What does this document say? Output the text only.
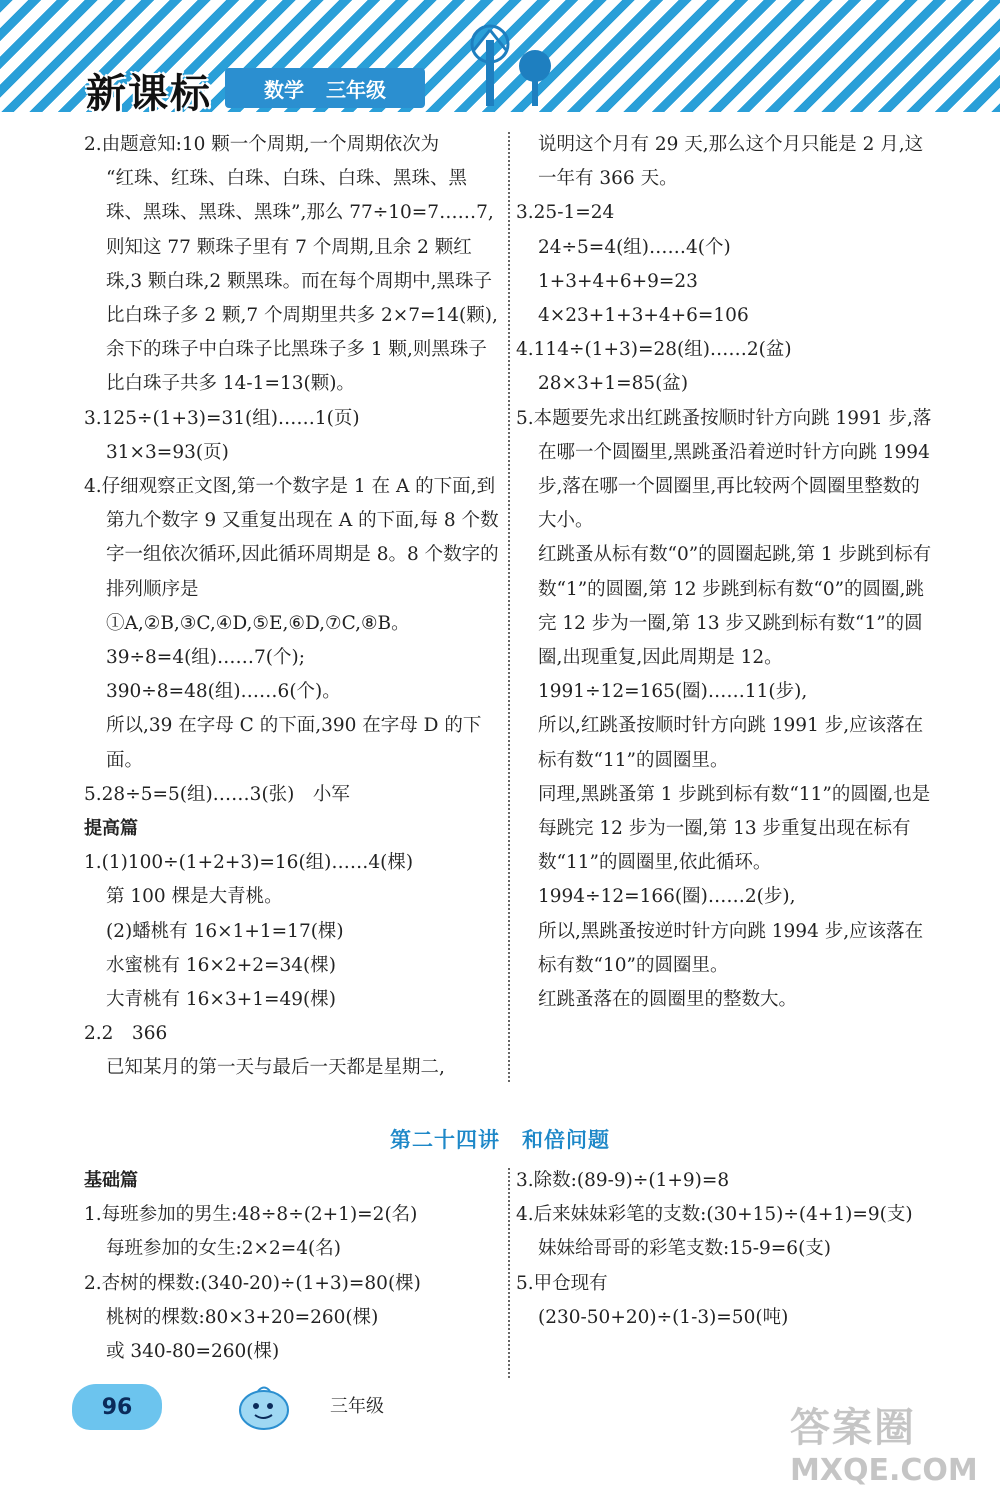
新课标	数学 三年级

2.由题意知:10 颗一个周期,一个周期依次为

“红珠、红珠、白珠、白珠、白珠、黑珠、黑珠、黑珠、黑珠、黑珠”,那么 77÷10=7……7,则知这 77 颗珠子里有 7 个周期,且余 2 颗红珠,3 颗白珠,2 颗黑珠。而在每个周期中,黑珠子比白珠子多 2 颗,7 个周期里共多 2×7=14(颗),余下的珠子中白珠子比黑珠子多 1 颗,则黑珠子比白珠子共多 14-1=13(颗)。

3.125÷(1+3)=31(组)……1(页)

31×3=93(页)

4.仔细观察正文图,第一个数字是 1 在 A 的下面,到第九个数字 9 又重复出现在 A 的下面,每 8 个数字一组依次循环,因此循环周期是 8。8 个数字的排列顺序是①A,②B,③C,④D,⑤E,⑥D,⑦C,⑧B。

39÷8=4(组)……7(个);

390÷8=48(组)……6(个)。

所以,39 在字母 C 的下面,390 在字母 D 的下面。

5.28÷5=5(组)……3(张)　小军

提高篇

1.(1)100÷(1+2+3)=16(组)……4(棵)

第 100 棵是大青桃。

(2)蟠桃有 16×1+1=17(棵)

水蜜桃有 16×2+2=34(棵)

大青桃有 16×3+1=49(棵)

2.2　366

已知某月的第一天与最后一天都是星期二,

说明这个月有 29 天,那么这个月只能是 2 月,这一年有 366 天。

3.25-1=24

24÷5=4(组)……4(个)

1+3+4+6+9=23

4×23+1+3+4+6=106

4.114÷(1+3)=28(组)……2(盆)

28×3+1=85(盆)

5.本题要先求出红跳蚤按顺时针方向跳 1991 步,落在哪一个圆圈里,黑跳蚤沿着逆时针方向跳 1994 步,落在哪一个圆圈里,再比较两个圆圈里整数的大小。

红跳蚤从标有数“0”的圆圈起跳,第 1 步跳到标有数“1”的圆圈,第 12 步跳到标有数“0”的圆圈,跳完 12 步为一圈,第 13 步又跳到标有数“1”的圆圈,出现重复,因此周期是 12。

1991÷12=165(圈)……11(步),

所以,红跳蚤按顺时针方向跳 1991 步,应该落在标有数“11”的圆圈里。

同理,黑跳蚤第 1 步跳到标有数“11”的圆圈,也是每跳完 12 步为一圈,第 13 步重复出现在标有数“11”的圆圈里,依此循环。

1994÷12=166(圈)……2(步),

所以,黑跳蚤按逆时针方向跳 1994 步,应该落在标有数“10”的圆圈里。

红跳蚤落在的圆圈里的整数大。

第二十四讲　和倍问题

基础篇

1.每班参加的男生:48÷8÷(2+1)=2(名)

每班参加的女生:2×2=4(名)

2.杏树的棵数:(340-20)÷(1+3)=80(棵)

桃树的棵数:80×3+20=260(棵)

或 340-80=260(棵)

3.除数:(89-9)÷(1+9)=8

4.后来妹妹彩笔的支数:(30+15)÷(4+1)=9(支)

妹妹给哥哥的彩笔支数:15-9=6(支)

5.甲仓现有

(230-50+20)÷(1-3)=50(吨)

96	三年级	答案圈
MXQE.COM
